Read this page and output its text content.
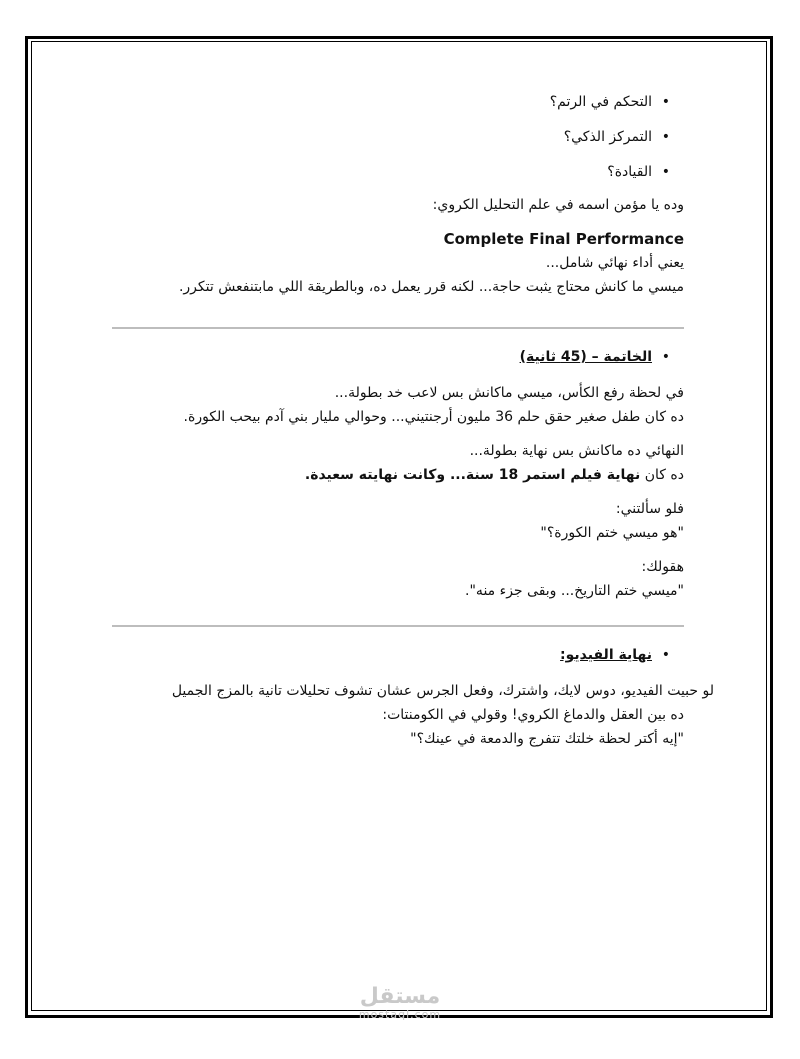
• التحكم في الرتم؟
• التمركز الذكي؟
• القيادة؟
وده يا مؤمن اسمه في علم التحليل الكروي:
Complete Final Performance
يعني أداء نهائي شامل...
ميسي ما كانش محتاج يثبت حاجة... لكنه قرر يعمل ده، وبالطريقة اللي مابتنفعش تتكرر.
• الخاتمة – (45 ثانية)
في لحظة رفع الكأس، ميسي ماكانش بس لاعب خد بطولة...
ده كان طفل صغير حقق حلم 36 مليون أرجنتيني... وحوالي مليار بني آدم بيحب الكورة.
النهائي ده ماكانش بس نهاية بطولة...
ده كان نهاية فيلم استمر 18 سنة... وكانت نهايته سعيدة.
فلو سألتني:
"هو ميسي ختم الكورة؟"
هقولك:
"ميسي ختم التاريخ... وبقى جزء منه".
• نهاية الفيديو:
لو حبيت الفيديو، دوس لايك، واشترك، وفعل الجرس عشان تشوف تحليلات تانية بالمزج الجميل
ده بين العقل والدماغ الكروي! وقولي في الكومنتات:
"إيه أكتر لحظة خلتك تتفرج والدمعة في عينك؟"
مستقل
mostaql.com
